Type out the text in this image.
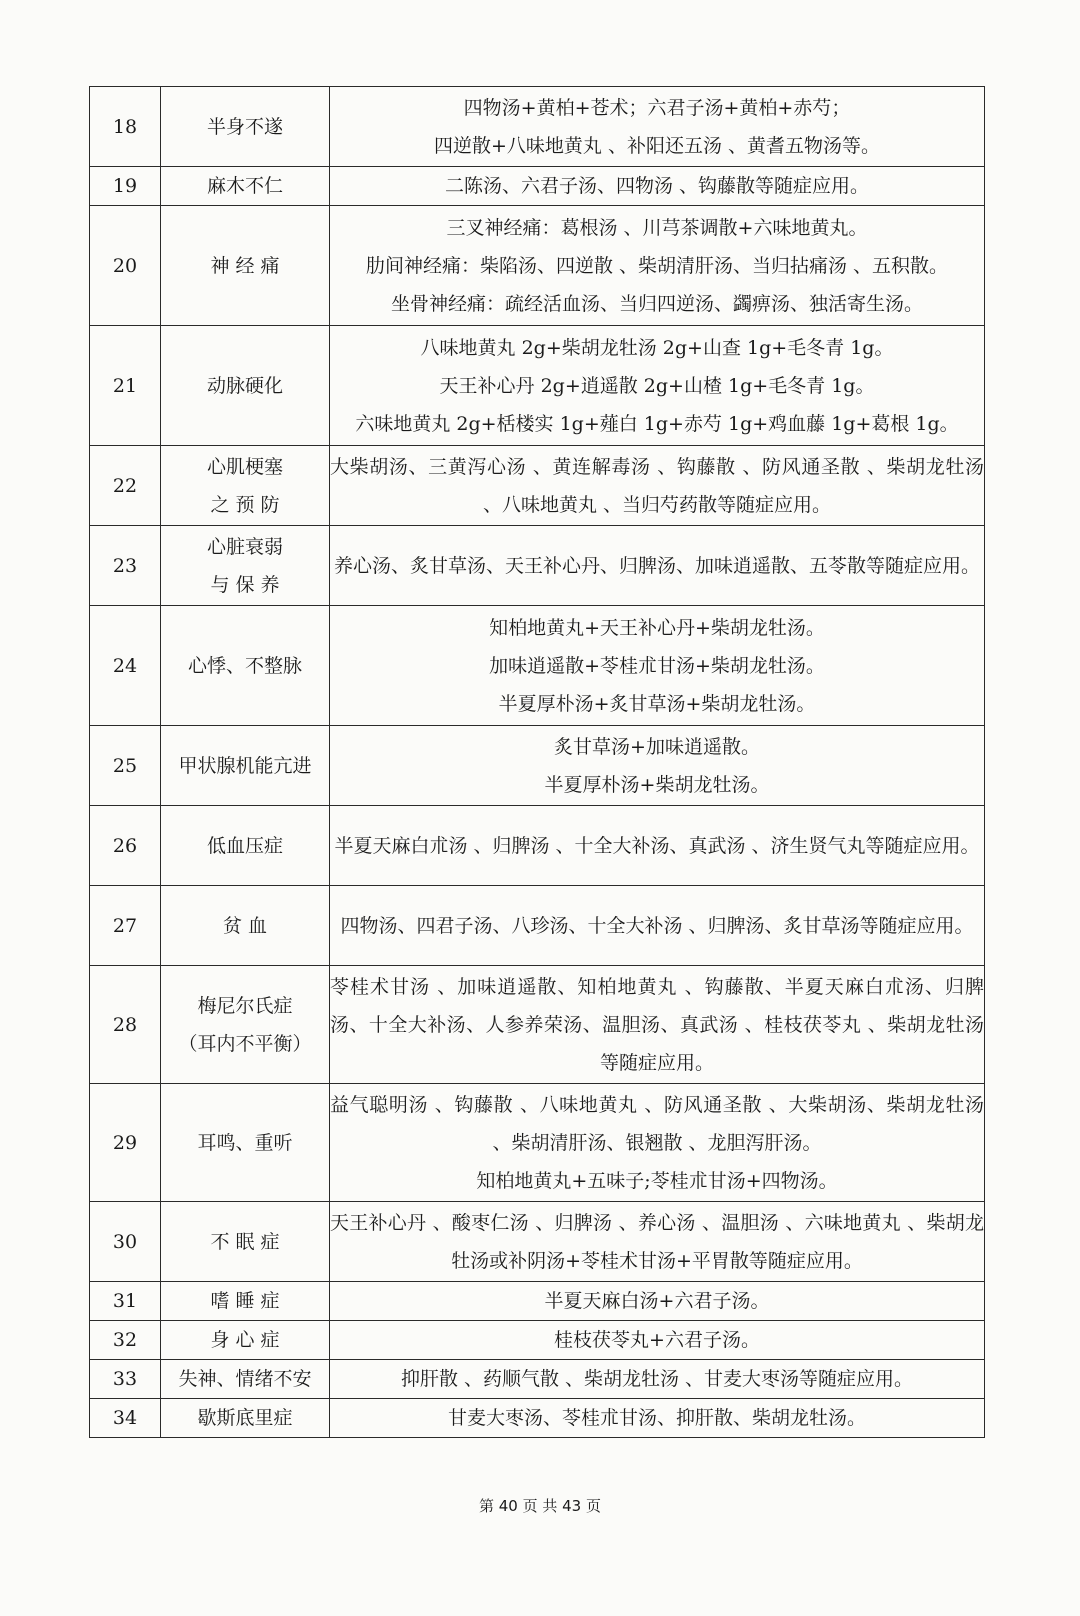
18	半身不遂	四物汤+黄柏+苍术；六君子汤+黄柏+赤芍；
四逆散+八味地黄丸 、补阳还五汤 、黄耆五物汤等。

19	麻木不仁	二陈汤、六君子汤、四物汤 、钩藤散等随症应用。

20	神 经 痛	三叉神经痛：葛根汤 、川芎茶调散+六味地黄丸。
肋间神经痛：柴陷汤、四逆散 、柴胡清肝汤、当归拈痛汤 、五积散。
坐骨神经痛：疏经活血汤、当归四逆汤、蠲痹汤、独活寄生汤。

21	动脉硬化	八味地黄丸 2g+柴胡龙牡汤 2g+山查 1g+毛冬青 1g。
天王补心丹 2g+逍遥散 2g+山楂 1g+毛冬青 1g。
六味地黄丸 2g+栝楼实 1g+薤白 1g+赤芍 1g+鸡血藤 1g+葛根 1g。

22	心肌梗塞
之 预 防	大柴胡汤、三黄泻心汤 、黄连解毒汤 、钩藤散 、防风通圣散 、柴胡龙牡汤 、八味地黄丸 、当归芍药散等随症应用。

23	心脏衰弱
与 保 养	养心汤、炙甘草汤、天王补心丹、归脾汤、加味逍遥散、五苓散等随症应用。

24	心悸、不整脉	知柏地黄丸+天王补心丹+柴胡龙牡汤。
加味逍遥散+苓桂朮甘汤+柴胡龙牡汤。
半夏厚朴汤+炙甘草汤+柴胡龙牡汤。

25	甲状腺机能亢进	炙甘草汤+加味逍遥散。
半夏厚朴汤+柴胡龙牡汤。

26	低血压症	半夏天麻白朮汤 、归脾汤 、十全大补汤、真武汤 、济生贤气丸等随症应用。

27	贫 血	四物汤、四君子汤、八珍汤、十全大补汤 、归脾汤、炙甘草汤等随症应用。

28	梅尼尔氏症
（耳内不平衡）	苓桂术甘汤 、加味逍遥散、知柏地黄丸 、钩藤散、半夏天麻白朮汤、归脾汤、十全大补汤、人参养荣汤、温胆汤、真武汤 、桂枝茯苓丸 、柴胡龙牡汤等随症应用。

29	耳鸣、重听	益气聪明汤 、钩藤散 、八味地黄丸 、防风通圣散 、大柴胡汤、柴胡龙牡汤 、柴胡清肝汤、银翘散 、龙胆泻肝汤。
知柏地黄丸+五味子;苓桂朮甘汤+四物汤。

30	不 眠 症	天王补心丹 、酸枣仁汤 、归脾汤 、养心汤 、温胆汤 、六味地黄丸 、柴胡龙牡汤或补阴汤+苓桂术甘汤+平胃散等随症应用。

31	嗜 睡 症	半夏天麻白汤+六君子汤。

32	身 心 症	桂枝茯苓丸+六君子汤。

33	失神、情绪不安	抑肝散 、药顺气散 、柴胡龙牡汤 、甘麦大枣汤等随症应用。

34	歇斯底里症	甘麦大枣汤、苓桂朮甘汤、抑肝散、柴胡龙牡汤。
第 40 页 共 43 页
